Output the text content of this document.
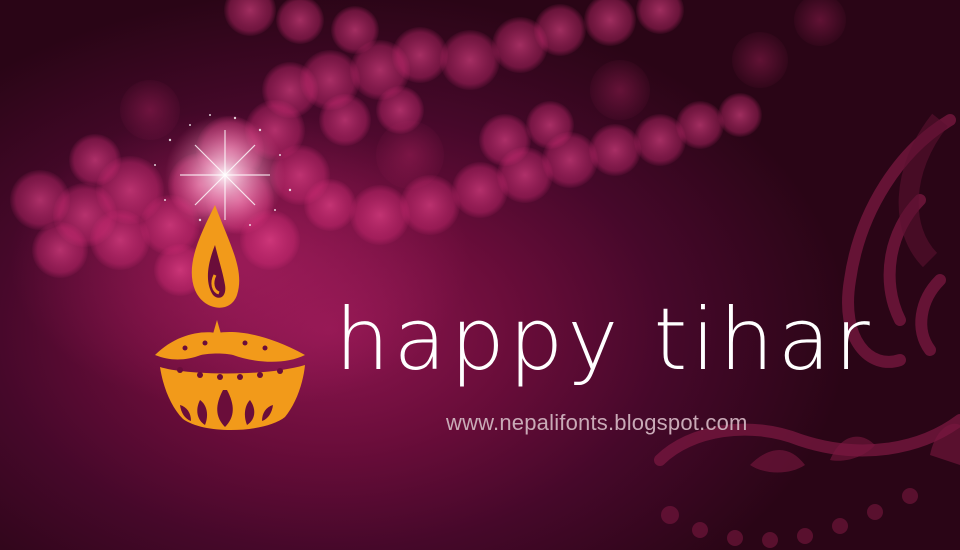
happy tihar
www.nepalifonts.blogspot.com
